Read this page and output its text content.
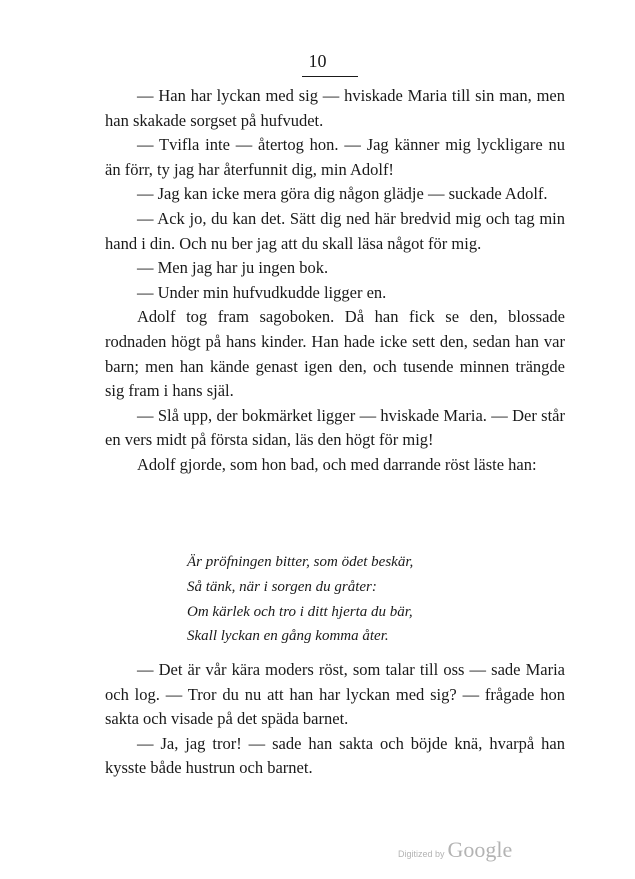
10

— Han har lyckan med sig — hviskade Maria till sin man, men han skakade sorgset på hufvudet.

— Tvifla inte — återtog hon. — Jag känner mig lyckligare nu än förr, ty jag har återfunnit dig, min Adolf!

— Jag kan icke mera göra dig någon glädje — suckade Adolf.

— Ack jo, du kan det. Sätt dig ned här bredvid mig och tag min hand i din. Och nu ber jag att du skall läsa något för mig.

— Men jag har ju ingen bok.

— Under min hufvudkudde ligger en.

Adolf tog fram sagoboken. Då han fick se den, blossade rodnaden högt på hans kinder. Han hade icke sett den, sedan han var barn; men han kände genast igen den, och tusende minnen trängde sig fram i hans själ.

— Slå upp, der bokmärket ligger — hviskade Maria. — Der står en vers midt på första sidan, läs den högt för mig!

Adolf gjorde, som hon bad, och med darrande röst läste han:

Är pröfningen bitter, som ödet beskär,
Så tänk, när i sorgen du gråter:
Om kärlek och tro i ditt hjerta du bär,
Skall lyckan en gång komma åter.

— Det är vår kära moders röst, som talar till oss — sade Maria och log. — Tror du nu att han har lyckan med sig? — frågade hon sakta och visade på det späda barnet.

— Ja, jag tror! — sade han sakta och böjde knä, hvarpå han kysste både hustrun och barnet.

Digitized by Google
